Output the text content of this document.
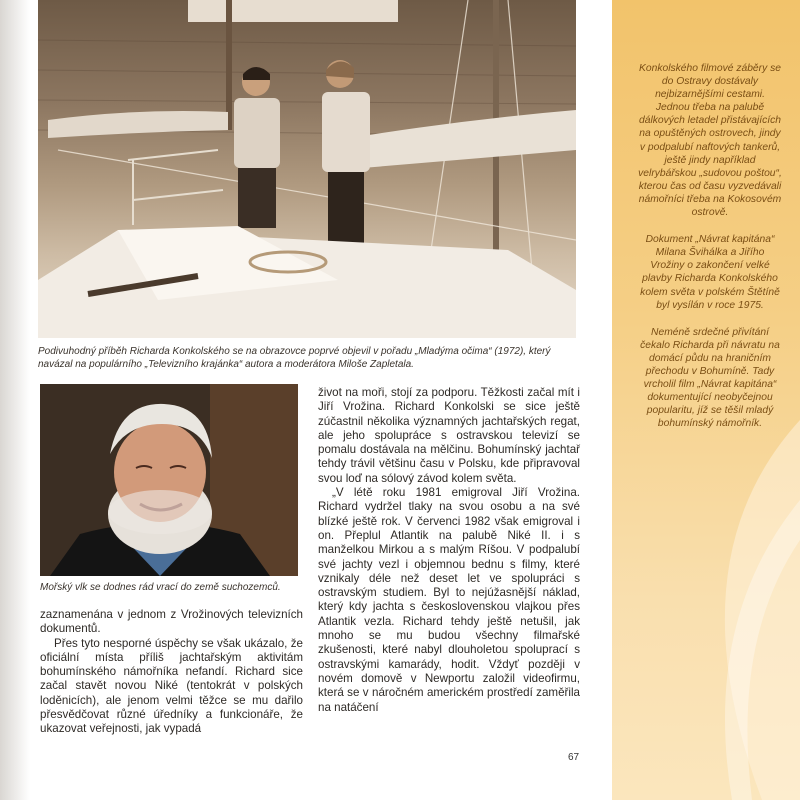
Podivuhodný příběh Richarda Konkolského se na obrazovce poprvé objevil v pořadu „Mladýma očima“ (1972), který navázal na populárního „Televizního krajánka“ autora a moderátora Miloše Zapletala.
Mořský vlk se dodnes rád vrací do země suchozemců.

zaznamenána v jednom z Vrožinových televizních dokumentů.

Přes tyto nesporné úspěchy se však ukázalo, že oficiální místa příliš jachtařským aktivitám bohumínského námořníka nefandí. Richard sice začal stavět novou Niké (tentokrát v polských loděnicích), ale jenom velmi těžce se mu dařilo přesvědčovat různé úředníky a funkcionáře, že ukazovat veřejnosti, jak vypadá

život na moři, stojí za podporu. Těžkosti začal mít i Jiří Vrožina. Richard Konkolski se sice ještě zúčastnil několika významných jachtařských regat, ale jeho spolupráce s ostravskou televizí se pomalu dostávala na mělčinu. Bohumínský jachtař tehdy trávil většinu času v Polsku, kde připravoval svou loď na sólový závod kolem světa.

„V létě roku 1981 emigroval Jiří Vrožina. Richard vydržel tlaky na svou osobu a na své blízké ještě rok. V červenci 1982 však emigroval i on. Přeplul Atlantik na palubě Niké II. i s manželkou Mirkou a s malým Ríšou. V podpalubí své jachty vezl i objemnou bednu s filmy, které vznikaly déle než deset let ve spolupráci s ostravským studiem. Byl to nejúžasnější náklad, který kdy jachta s československou vlajkou přes Atlantik vezla. Richard tehdy ještě netušil, jak mnoho se mu budou všechny filmařské zkušenosti, které nabyl dlouholetou spoluprací s ostravskými kamarády, hodit. Vždyť později v novém domově v Newportu založil videofirmu, která se v náročném americkém prostředí zaměřila na natáčení

67

Konkolského filmové záběry se do Ostravy dostávaly nejbizarnějšími cestami. Jednou třeba na palubě dálkových letadel přistávajících na opuštěných ostrovech, jindy v podpalubí naftových tankerů, ještě jindy například velrybářskou „sudovou poštou“, kterou čas od času vyzvedávali námořníci třeba na Kokosovém ostrově.

Dokument „Návrat kapitána“ Milana Švihálka a Jiřího Vrožiny o zakončení velké plavby Richarda Konkolského kolem světa v polském Štětíně byl vysílán v roce 1975.

Neméně srdečné přivítání čekalo Richarda při návratu na domácí půdu na hraničním přechodu v Bohumíně. Tady vrcholil film „Návrat kapitána“ dokumentující neobyčejnou popularitu, jíž se těšil mladý bohumínský námořník.
